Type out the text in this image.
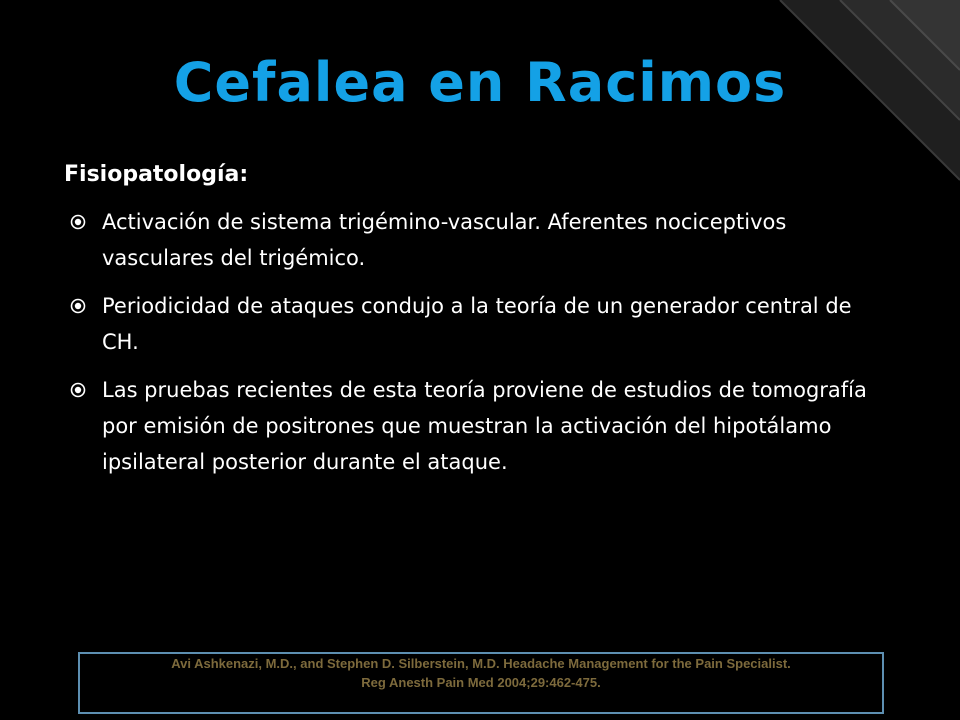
Cefalea en Racimos
Fisiopatología:
Activación de sistema trigémino-vascular. Aferentes nociceptivos vasculares del trigémico.
Periodicidad de ataques condujo a la teoría de un generador central de CH.
Las pruebas recientes de esta teoría proviene de estudios de tomografía por emisión de positrones que muestran la activación del hipotálamo ipsilateral posterior durante el ataque.
Avi Ashkenazi, M.D., and Stephen D. Silberstein, M.D. Headache Management for the Pain Specialist.
Reg Anesth Pain Med 2004;29:462-475.
